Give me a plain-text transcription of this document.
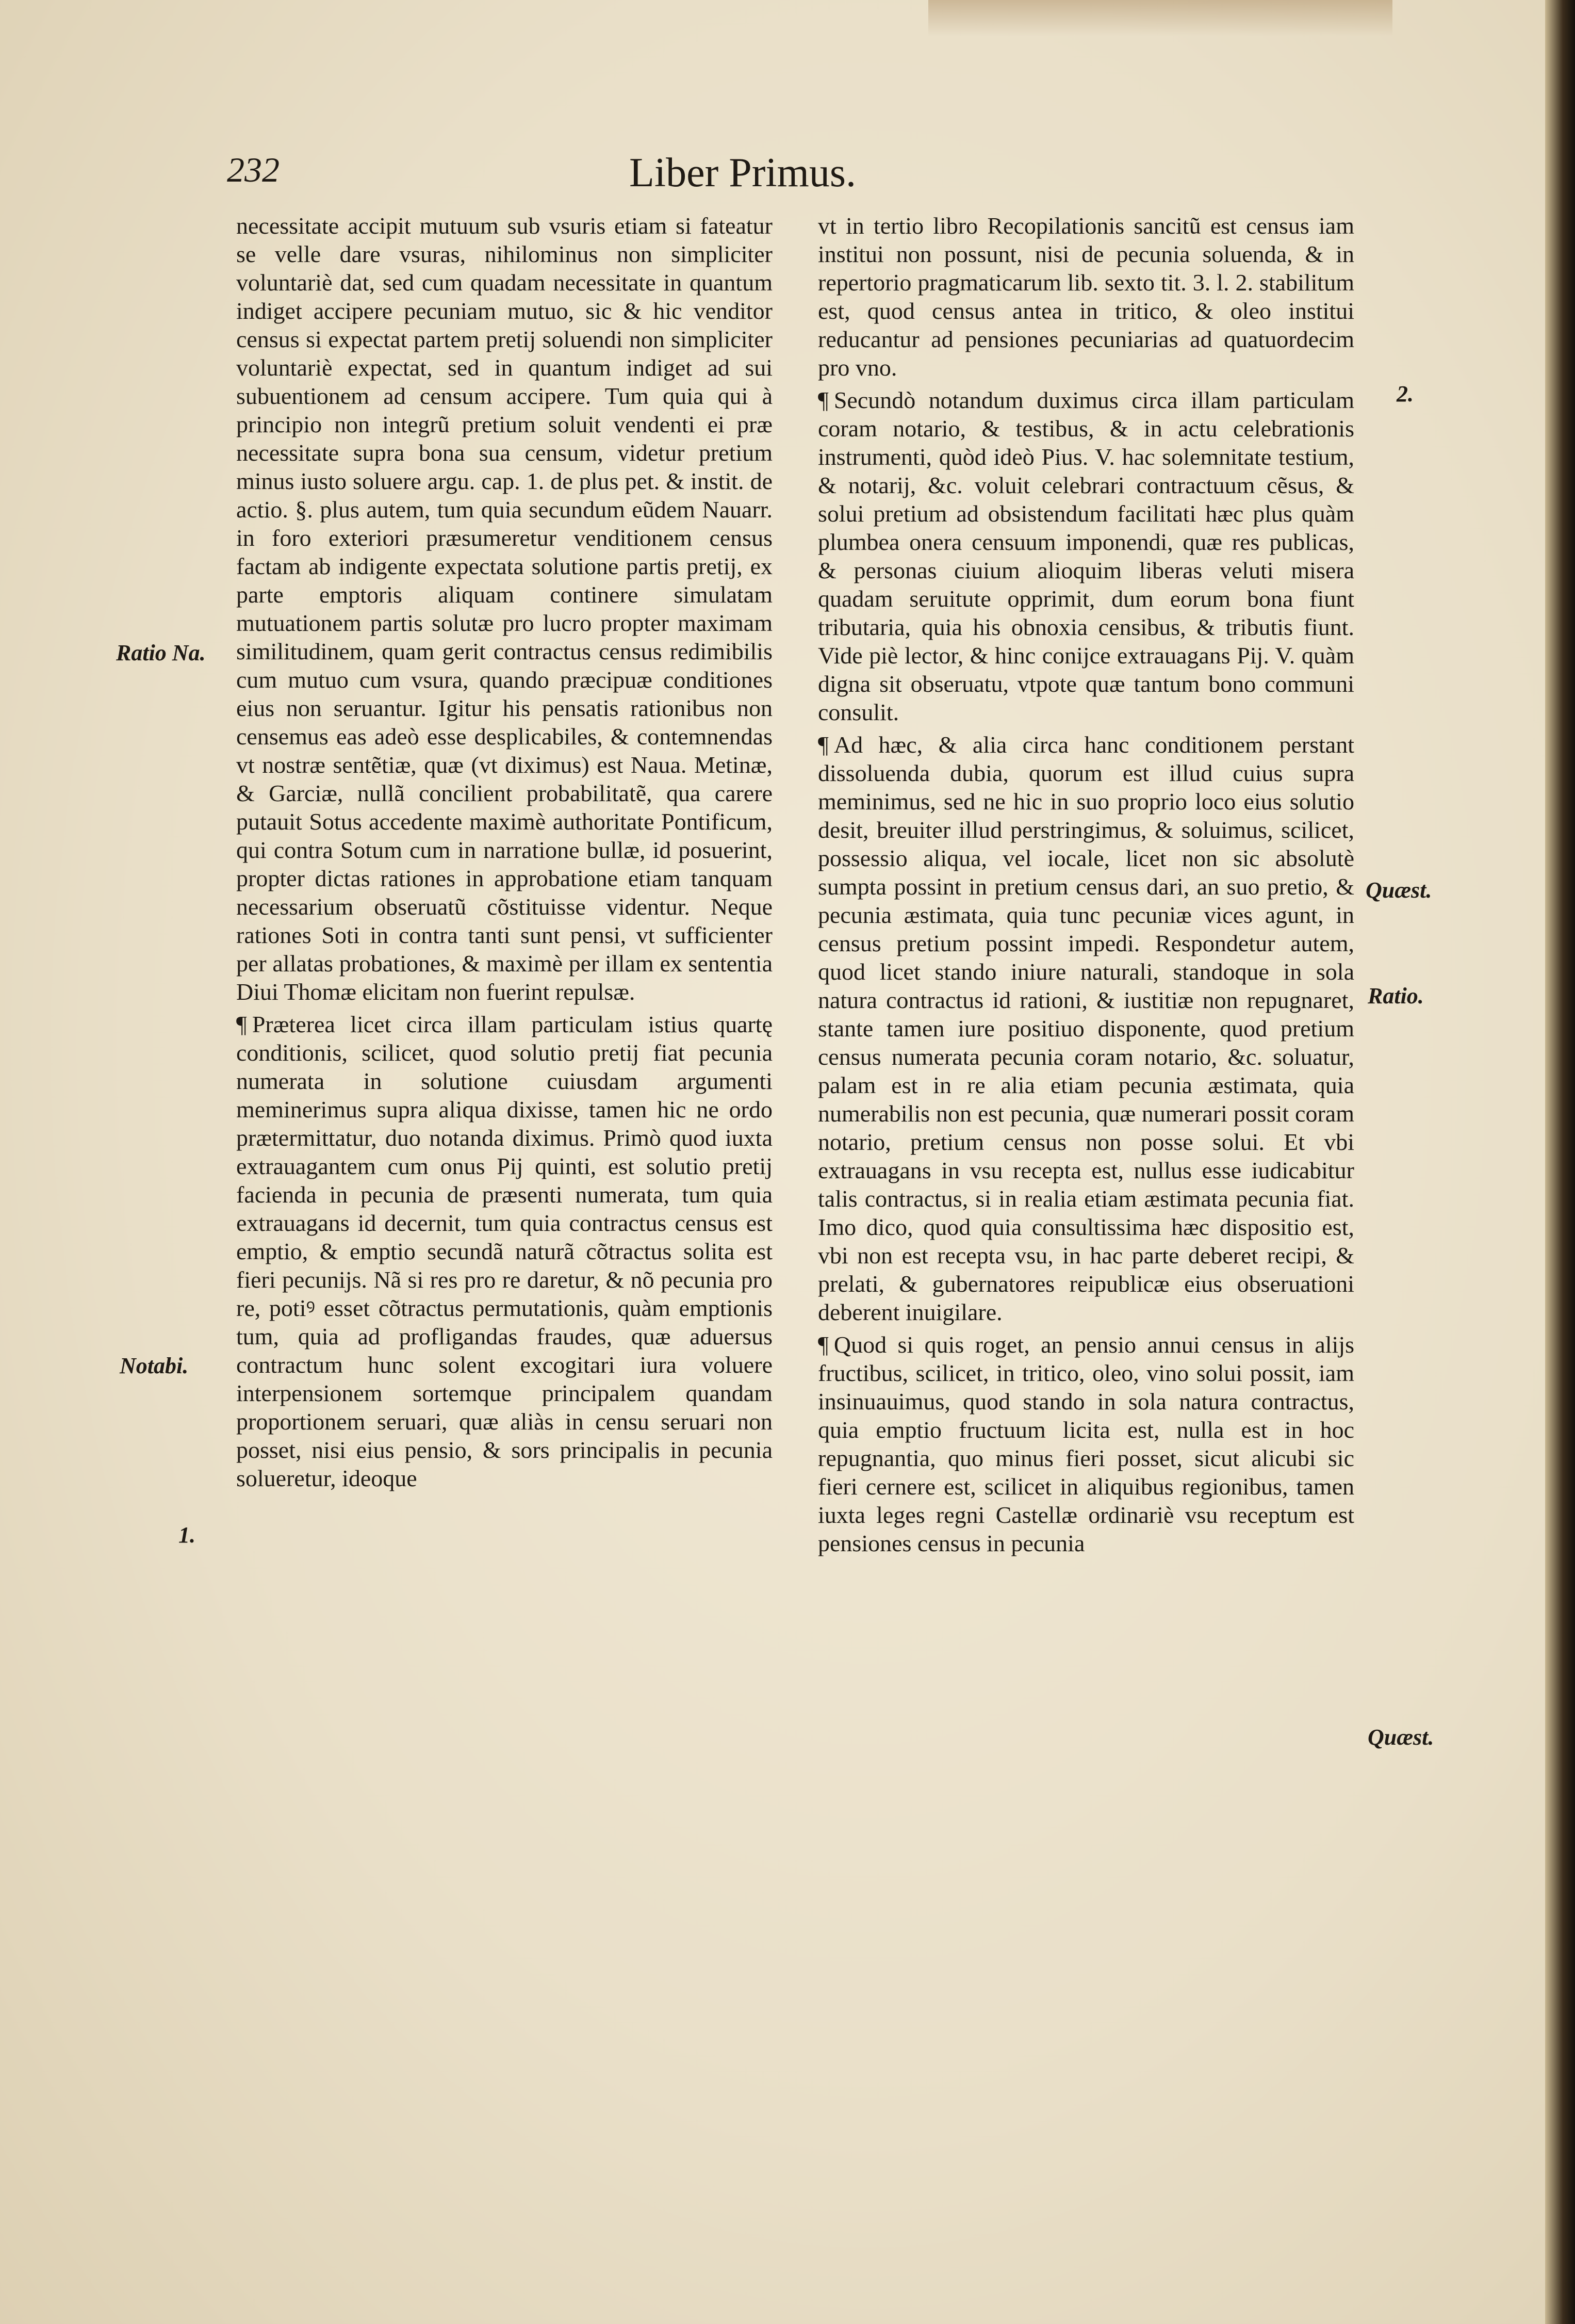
232	Liber Primus.

necessitate accipit mutuum sub vsuris etiam si fateatur se velle dare vsuras, nihilominus non simpliciter voluntariè dat, sed cum quadam necessitate in quantum indiget accipere pecuniam mutuo, sic & hic venditor census si expectat partem pretij soluendi non simpliciter voluntariè expectat, sed in quantum indiget ad sui subuentionem ad censum accipere. Tum quia qui à principio non integrũ pretium soluit vendenti ei præ necessitate supra bona sua censum, videtur pretium minus iusto soluere argu. cap. 1. de plus pet. & instit. de actio. §. plus autem, tum quia secundum eũdem Nauarr. in foro exteriori præsumeretur venditionem census factam ab indigente expectata solutione partis pretij, ex parte emptoris aliquam continere simulatam mutuationem partis solutæ pro lucro propter maximam similitudinem, quam gerit contractus census redimibilis cum mutuo cum vsura, quando præcipuæ conditiones eius non seruantur. Igitur his pensatis rationibus non censemus eas adeò esse desplicabiles, & contemnendas vt nostræ sentẽtiæ, quæ (vt diximus) est Naua. Metinæ, & Garciæ, nullã concilient probabilitatẽ, qua carere putauit Sotus accedente maximè authoritate Pontificum, qui contra Sotum cum in narratione bullæ, id posuerint, propter dictas rationes in approbatione etiam tanquam necessarium obseruatũ cõstituisse videntur. Neque rationes Soti in contra tanti sunt pensi, vt sufficienter per allatas probationes, & maximè per illam ex sententia Diui Thomæ elicitam non fuerint repulsæ.

¶ Præterea licet circa illam particulam istius quartę conditionis, scilicet, quod solutio pretij fiat pecunia numerata in solutione cuiusdam argumenti meminerimus supra aliqua dixisse, tamen hic ne ordo prætermittatur, duo notanda diximus. Primò quod iuxta extrauagantem cum onus Pij quinti, est solutio pretij facienda in pecunia de præsenti numerata, tum quia extrauagans id decernit, tum quia contractus census est emptio, & emptio secundã naturã cõtractus solita est fieri pecunijs. Nã si res pro re daretur, & nõ pecunia pro re, potiꝰ esset cõtractus permutationis, quàm emptionis tum, quia ad profligandas fraudes, quæ aduersus contractum hunc solent excogitari iura voluere interpensionem sortemque principalem quandam proportionem seruari, quæ aliàs in censu seruari non posset, nisi eius pensio, & sors principalis in pecunia solueretur, ideoque

vt in tertio libro Recopilationis sancitũ est census iam institui non possunt, nisi de pecunia soluenda, & in repertorio pragmaticarum lib. sexto tit. 3. l. 2. stabilitum est, quod census antea in tritico, & oleo institui reducantur ad pensiones pecuniarias ad quatuordecim pro vno.

¶ Secundò notandum duximus circa illam particulam coram notario, & testibus, & in actu celebrationis instrumenti, quòd ideò Pius. V. hac solemnitate testium, & notarij, &c. voluit celebrari contractuum cẽsus, & solui pretium ad obsistendum facilitati hæc plus quàm plumbea onera censuum imponendi, quæ res publicas, & personas ciuium alioquim liberas veluti misera quadam seruitute opprimit, dum eorum bona fiunt tributaria, quia his obnoxia censibus, & tributis fiunt. Vide piè lector, & hinc conijce extrauagans Pij. V. quàm digna sit obseruatu, vtpote quæ tantum bono communi consulit.

¶ Ad hæc, & alia circa hanc conditionem perstant dissoluenda dubia, quorum est illud cuius supra meminimus, sed ne hic in suo proprio loco eius solutio desit, breuiter illud perstringimus, & soluimus, scilicet, possessio aliqua, vel iocale, licet non sic absolutè sumpta possint in pretium census dari, an suo pretio, & pecunia æstimata, quia tunc pecuniæ vices agunt, in census pretium possint impedi. Respondetur autem, quod licet stando iniure naturali, standoque in sola natura contractus id rationi, & iustitiæ non repugnaret, stante tamen iure positiuo disponente, quod pretium census numerata pecunia coram notario, &c. soluatur, palam est in re alia etiam pecunia æstimata, quia numerabilis non est pecunia, quæ numerari possit coram notario, pretium census non posse solui. Et vbi extrauagans in vsu recepta est, nullus esse iudicabitur talis contractus, si in realia etiam æstimata pecunia fiat. Imo dico, quod quia consultissima hæc dispositio est, vbi non est recepta vsu, in hac parte deberet recipi, & prelati, & gubernatores reipublicæ eius obseruationi deberent inuigilare.

¶ Quod si quis roget, an pensio annui census in alijs fructibus, scilicet, in tritico, oleo, vino solui possit, iam insinuauimus, quod stando in sola natura contractus, quia emptio fructuum licita est, nulla est in hoc repugnantia, quo minus fieri posset, sicut alicubi sic fieri cernere est, scilicet in aliquibus regionibus, tamen iuxta leges regni Castellæ ordinariè vsu receptum est pensiones census in pecunia

Ratio Na.
Notabi.
1.
2.
Quæst.
Ratio.
Quæst.
